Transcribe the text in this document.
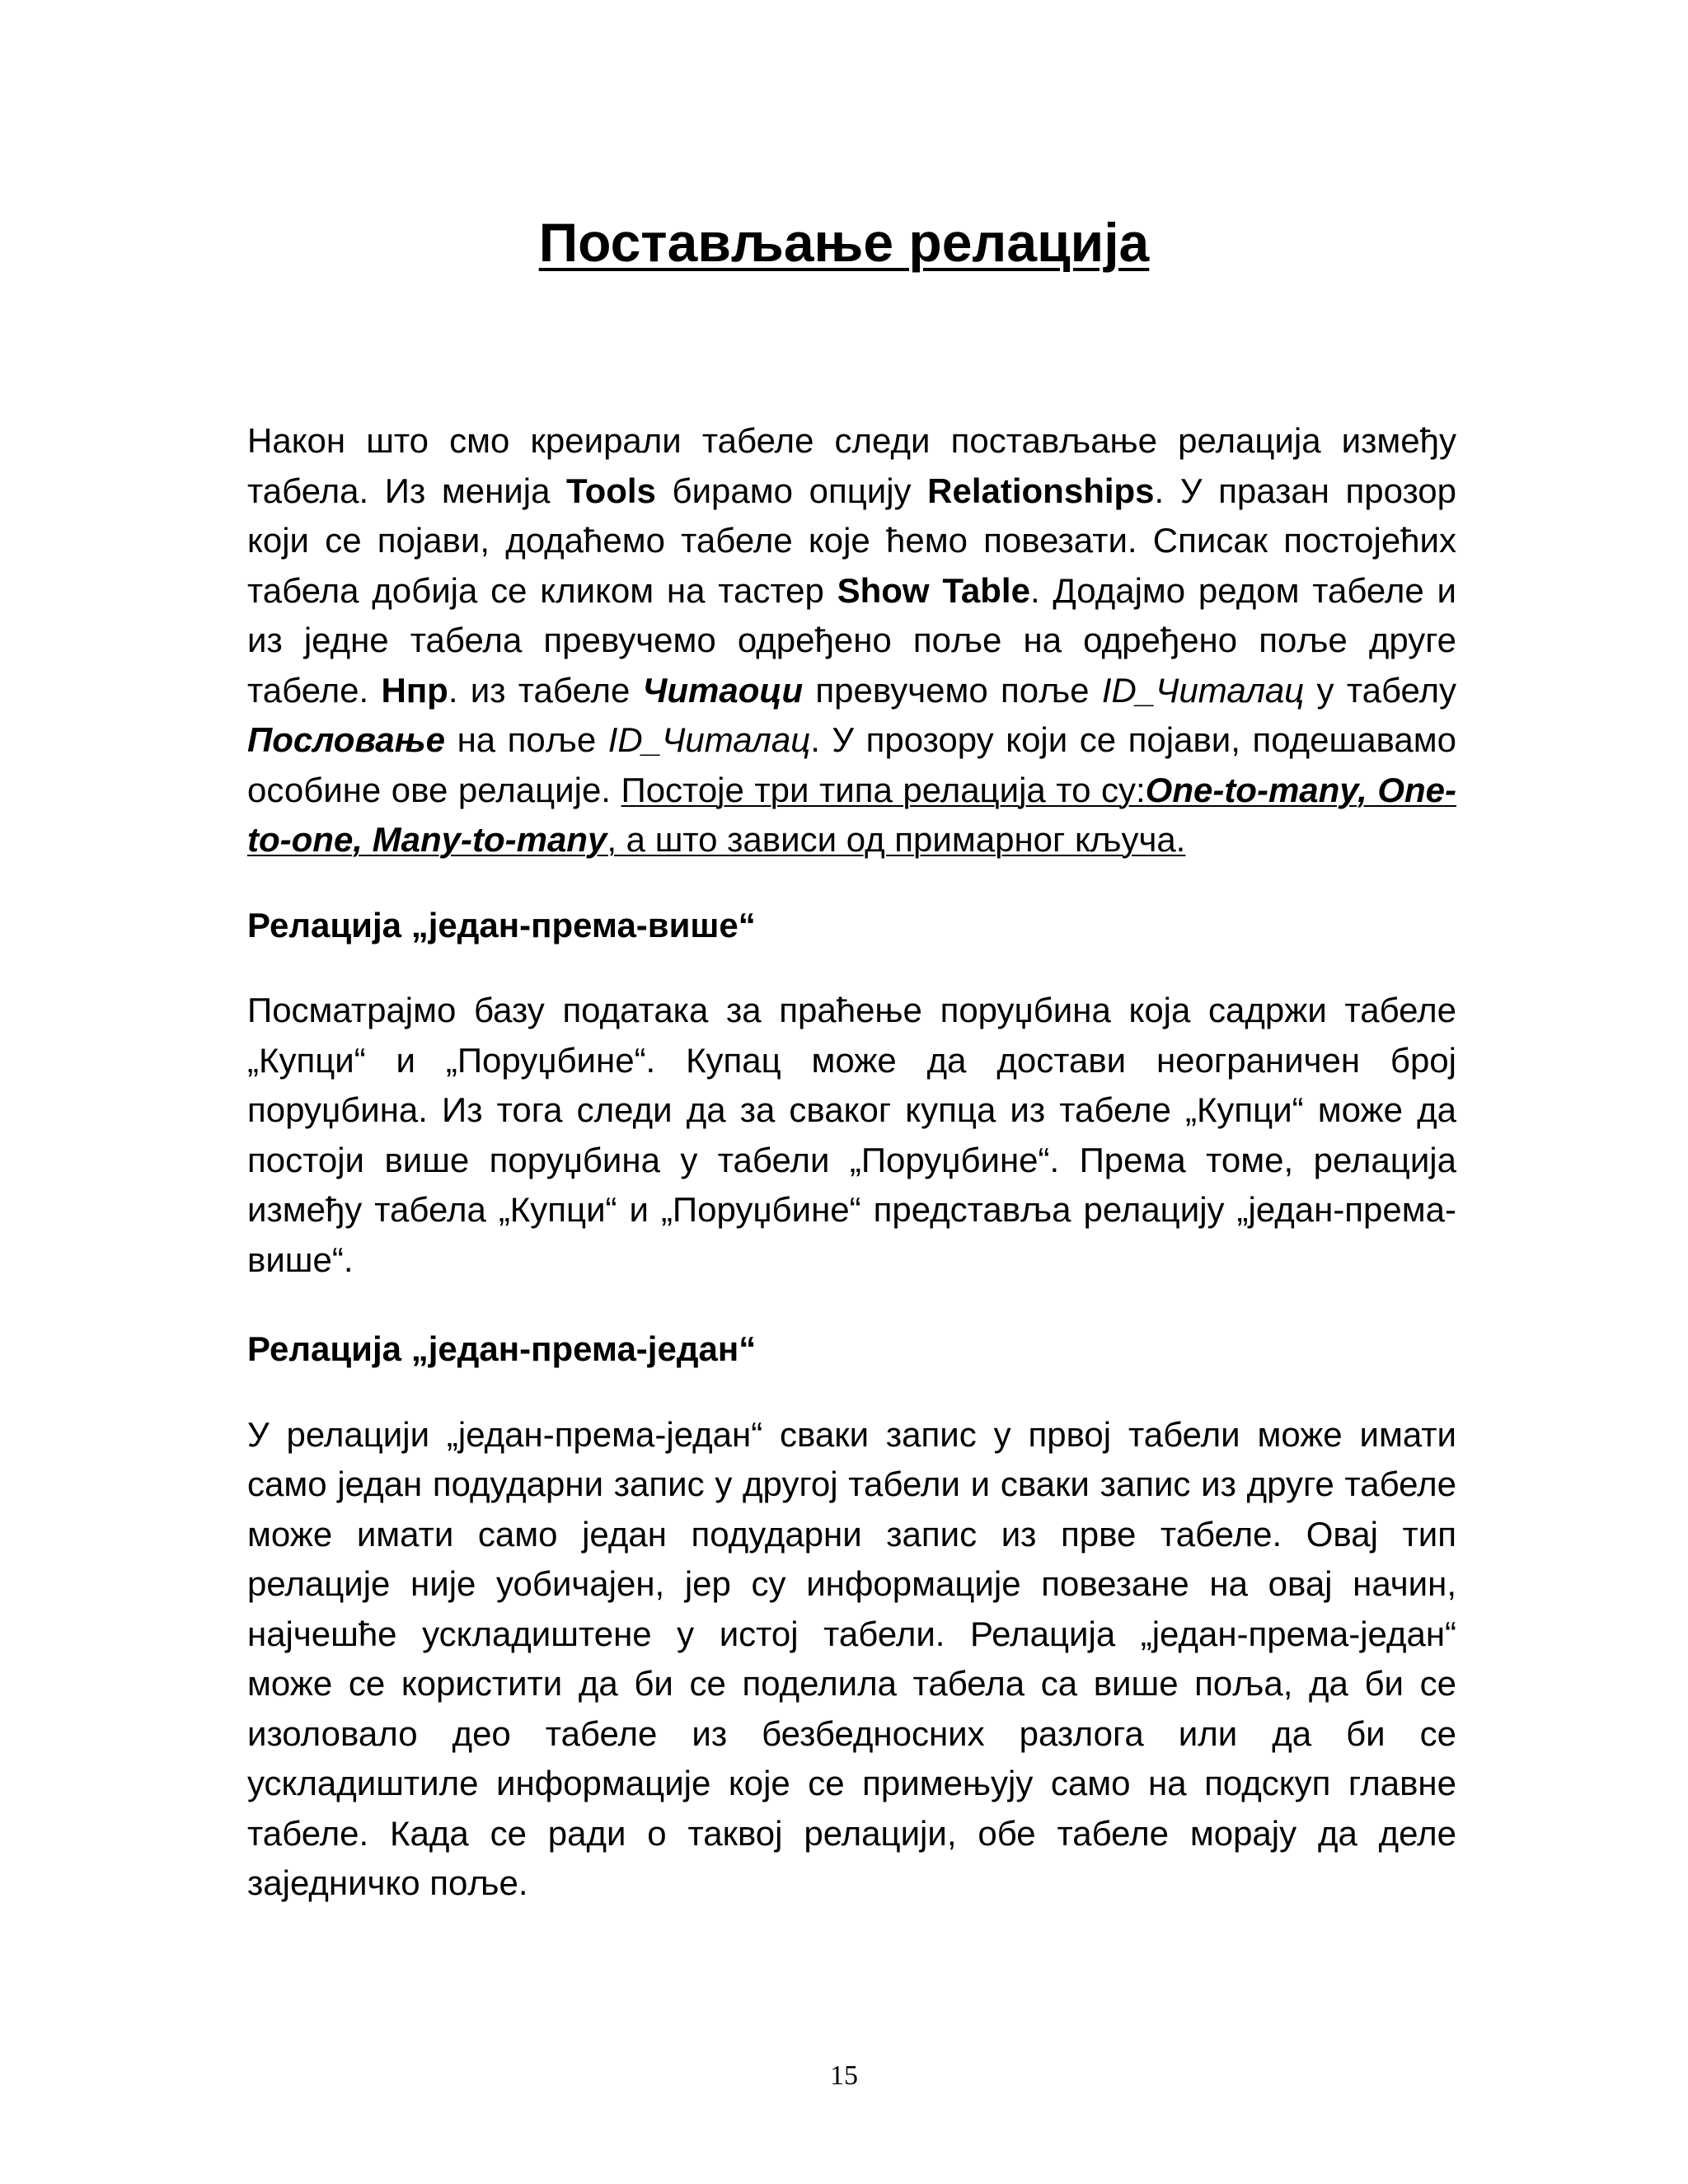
Постављање релација

Након што смо креирали табеле следи постављање релација између табела. Из менија Tools бирамо опцију Relationships. У празан прозор који се појави, додаћемо табеле које ћемо повезати. Списак постојећих табела добија се кликом на тастер Show Table. Додајмо редом табеле и из једне табела превучемо одређено поље на одређено поље друге табеле. Нпр. из табеле Читаоци превучемо поље ID_Читалац у табелу Пословање на поље ID_Читалац. У прозору који се појави, подешавамо особине ове релације. Постоје три типа релација то су:One-to-many, One-to-one, Many-to-many, а што зависи од примарног кључа.

Релација „један-према-више“

Посматрајмо базу података за праћење поруџбина која садржи табеле „Купци“ и „Поруџбине“. Купац може да достави неограничен број поруџбина. Из тога следи да за сваког купца из табеле „Купци“ може да постоји више поруџбина у табели „Поруџбине“. Према томе, релација између табела „Купци“ и „Поруџбине“ представља релацију „један-према-више“.

Релација „један-према-један“

У релацији „један-према-један“ сваки запис у првој табели може имати само један подударни запис у другој табели и сваки запис из друге табеле може имати само један подударни запис из прве табеле. Овај тип релације није уобичајен, јер су информације повезане на овај начин, најчешће ускладиштене у истој табели. Релација „један-према-један“ може се користити да би се поделила табела са више поља, да би се изоловало део табеле из безбедносних разлога или да би се ускладиштиле информације које се примењују само на подскуп главне табеле. Када се ради о таквој релацији, обе табеле морају да деле заједничко поље.

15
